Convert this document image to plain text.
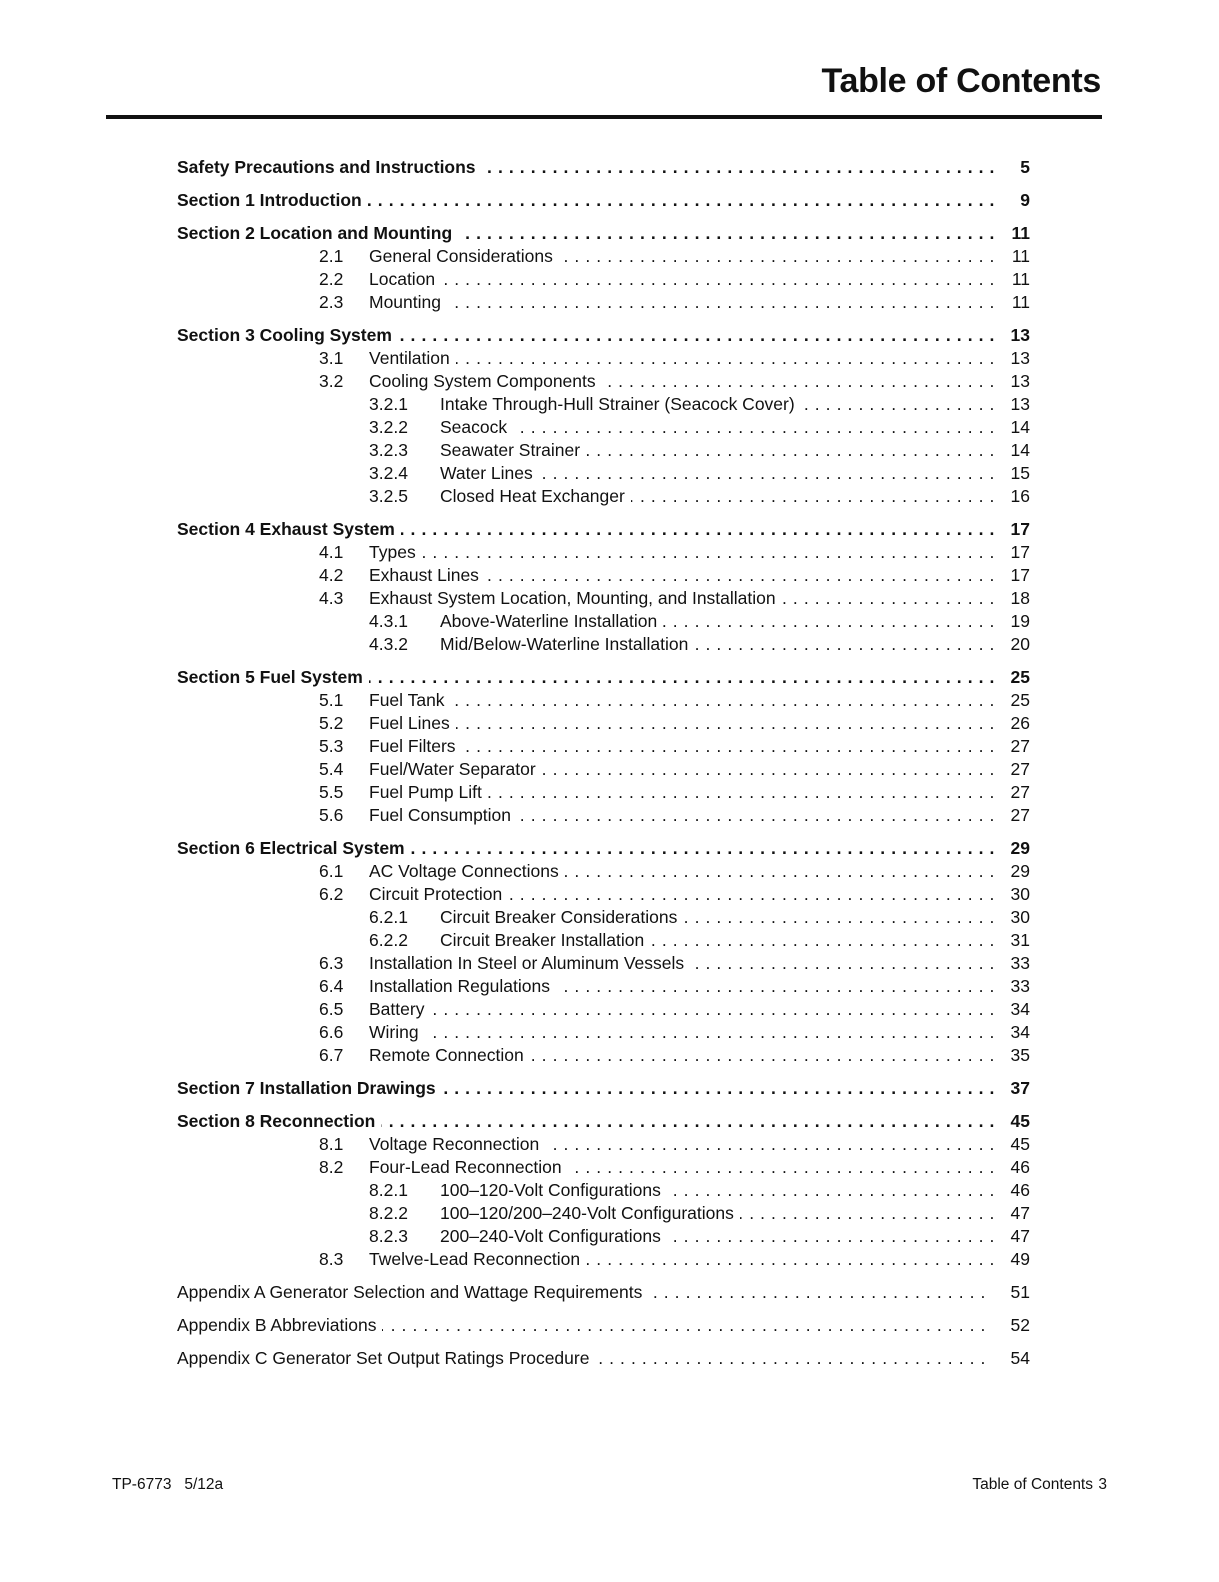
Table of Contents
Safety Precautions and Instructions . . .	5
Section 1 Introduction . . .	9
Section 2 Location and Mounting . . .	11
2.1 General Considerations . . .	11
2.2 Location . . .	11
2.3 Mounting . . .	11
Section 3 Cooling System . . .	13
3.1 Ventilation . . .	13
3.2 Cooling System Components . . .	13
3.2.1 Intake Through-Hull Strainer (Seacock Cover) . . .	13
3.2.2 Seacock . . .	14
3.2.3 Seawater Strainer . . .	14
3.2.4 Water Lines . . .	15
3.2.5 Closed Heat Exchanger . . .	16
Section 4 Exhaust System . . .	17
4.1 Types . . .	17
4.2 Exhaust Lines . . .	17
4.3 Exhaust System Location, Mounting, and Installation . . .	18
4.3.1 Above-Waterline Installation . . .	19
4.3.2 Mid/Below-Waterline Installation . . .	20
Section 5 Fuel System . . .	25
5.1 Fuel Tank . . .	25
5.2 Fuel Lines . . .	26
5.3 Fuel Filters . . .	27
5.4 Fuel/Water Separator . . .	27
5.5 Fuel Pump Lift . . .	27
5.6 Fuel Consumption . . .	27
Section 6 Electrical System . . .	29
6.1 AC Voltage Connections . . .	29
6.2 Circuit Protection . . .	30
6.2.1 Circuit Breaker Considerations . . .	30
6.2.2 Circuit Breaker Installation . . .	31
6.3 Installation In Steel or Aluminum Vessels . . .	33
6.4 Installation Regulations . . .	33
6.5 Battery . . .	34
6.6 Wiring . . .	34
6.7 Remote Connection . . .	35
Section 7 Installation Drawings . . .	37
Section 8 Reconnection . . .	45
8.1 Voltage Reconnection . . .	45
8.2 Four-Lead Reconnection . . .	46
8.2.1 100–120-Volt Configurations . . .	46
8.2.2 100–120/200–240-Volt Configurations . . .	47
8.2.3 200–240-Volt Configurations . . .	47
8.3 Twelve-Lead Reconnection . . .	49
Appendix A Generator Selection and Wattage Requirements . . .	51
Appendix B Abbreviations . . .	52
Appendix C Generator Set Output Ratings Procedure . . .	54
TP-6773   5/12a	Table of Contents 3
